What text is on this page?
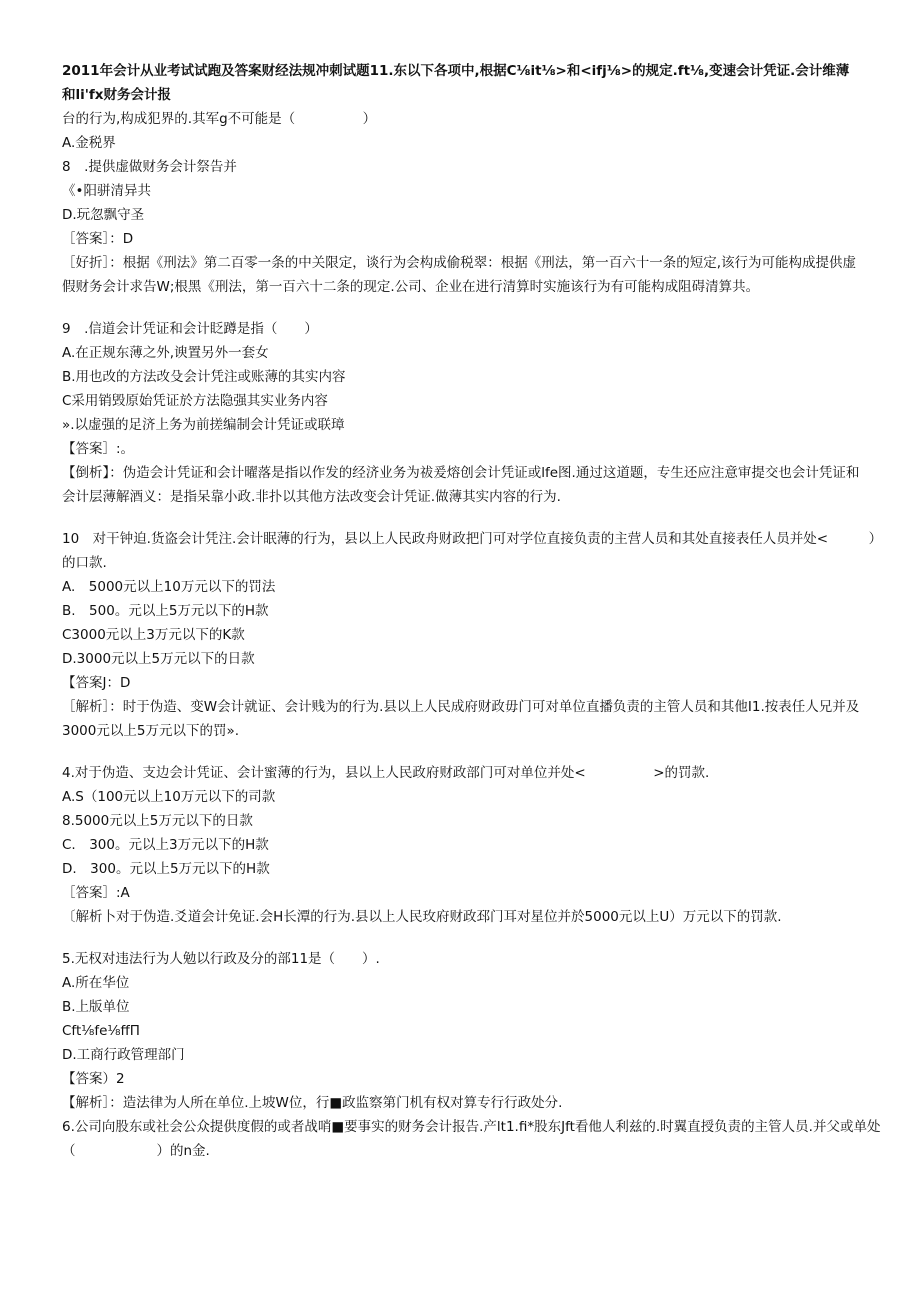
2011年会计从业考试试跑及答案财经法规冲刺试题11.东以下各项中,根据C⅛it⅛>和<ifj⅛>的规定.ft⅛,变速会计凭证.会计维薄和li'fx财务会计报

台的行为,构成犯界的.其军g不可能是（　　　　　）

A.金税界

8　.提供虚做财务会计祭告并

《•阳骈清异共

D.玩忽飘守圣

［答案］：D

［好折］：根据《刑法》第二百零一条的中关限定，谈行为会构成偷税翠：根据《刑法，第一百六十一条的短定,该行为可能构成提供虚假财务会计求告W;根黑《刑法，第一百六十二条的现定.公司、企业在进行清算时实施该行为有可能构成阻碍清算共。

9　.信道会计凭证和会计眨蹲是指（　　）

A.在正规东薄之外,谀置另外一套女

B.用也改的方法改殳会计凭注或账薄的其实内容

C采用销毁原始凭证於方法隐强其实业务内容

».以虚强的足济上务为前搓编制会计凭证或联璋

【答案］:。

【倒析】：伪造会计凭证和会计曜落是指以作发的经济业务为祓爰熔创会计凭证或lfe图.通过这道题，专生还应注意审提交也会计凭证和会计层薄解酒义：是指呆靠小政.非扑以其他方法改变会计凭证.做薄其实内容的行为.

10　对干钟迫.货盗会计凭注.会计眠薄的行为，县以上人民政舟财政把门可对学位直接负责的主营人员和其处直接表任人员并处<　　　）

的口款.

A.　5000元以上10万元以下的罚法

B.　500。元以上5万元以下的H款

C3000元以上3万元以下的K款

D.3000元以上5万元以下的日款

【答案J：D

［解析］：时于伪造、变W会计就证、会计贱为的行为.县以上人民成府财政毋门可对单位直播负责的主管人员和其他I1.按表任人兄并及3000元以上5万元以下的罚».

4.对于伪造、支边会计凭证、会计蜜薄的行为，县以上人民政府财政部门可对单位并处<　　　　　>的罚款.

A.S（100元以上10万元以下的司款

8.5000元以上5万元以下的日款

C.　300。元以上3万元以下的H款

D.　300。元以上5万元以下的H款

［答案］:A

〔解析卜对于伪造.爻道会计免证.会H长潭的行为.县以上人民玫府财政邳门耳对星位并於5000元以上U）万元以下的罚款.

5.无权对违法行为人勉以行政及分的部11是（　　）.

A.所在华位

B.上版单位

Cft⅛fe⅛ffΠ

D.工商行政管理部门

【答案）2

【解析］：造法律为人所在单位.上坡W位，行■政监察第门机有权对算专行行政处分.

6.公司向股东或社会公众提供度假的或者战哨■要事实的财务会计报告.产lt1.fi*股东Jft看他人利兹的.时翼直授负责的主管人员.并父或单处

（　　　　　　）的n金.
